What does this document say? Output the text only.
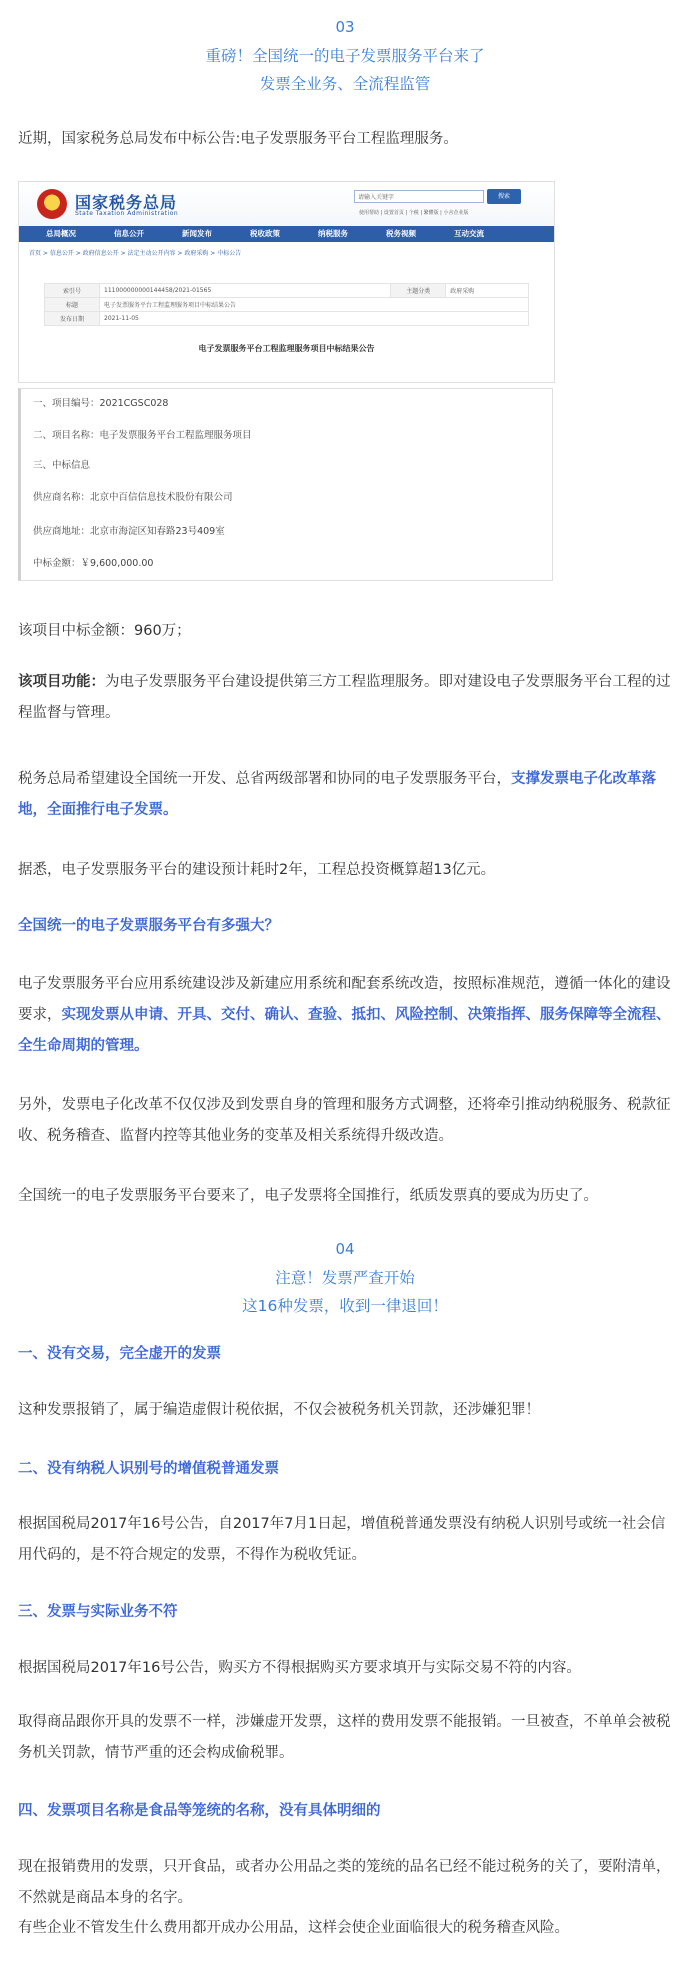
03
重磅！全国统一的电子发票服务平台来了
发票全业务、全流程监管
近期，国家税务总局发布中标公告:电子发票服务平台工程监理服务。
国家税务总局
State Taxation Administration
请输入关键字	搜索
使用帮助 | 设置首页 | 个税 | 繁體版 | 小舍企业版
总局概况	信息公开	新闻发布	税收政策	纳税服务	税务视频	互动交流
首页 > 信息公开 > 政府信息公开 > 法定主动公开内容 > 政府采购 > 中标公告
索引号	111000000000144458/2021-01565	主题分类	政府采购
标题	电子发票服务平台工程监理服务项目中标结果公告		
发布日期	2021-11-05		
电子发票服务平台工程监理服务项目中标结果公告
一、项目编号：2021CGSC028
二、项目名称：电子发票服务平台工程监理服务项目
三、中标信息
供应商名称：北京中百信信息技术股份有限公司
供应商地址：北京市海淀区知春路23号409室
中标金额：￥9,600,000.00
该项目中标金额：960万；
该项目功能：为电子发票服务平台建设提供第三方工程监理服务。即对建设电子发票服务平台工程的过程监督与管理。
税务总局希望建设全国统一开发、总省两级部署和协同的电子发票服务平台，支撑发票电子化改革落地，全面推行电子发票。
据悉，电子发票服务平台的建设预计耗时2年，工程总投资概算超13亿元。
全国统一的电子发票服务平台有多强大？
电子发票服务平台应用系统建设涉及新建应用系统和配套系统改造，按照标准规范，遵循一体化的建设要求，实现发票从申请、开具、交付、确认、查验、抵扣、风险控制、决策指挥、服务保障等全流程、全生命周期的管理。
另外，发票电子化改革不仅仅涉及到发票自身的管理和服务方式调整，还将牵引推动纳税服务、税款征收、税务稽查、监督内控等其他业务的变革及相关系统得升级改造。
全国统一的电子发票服务平台要来了，电子发票将全国推行，纸质发票真的要成为历史了。
04
注意！发票严查开始
这16种发票，收到一律退回！
一、没有交易，完全虚开的发票
这种发票报销了，属于编造虚假计税依据，不仅会被税务机关罚款，还涉嫌犯罪！
二、没有纳税人识别号的增值税普通发票
根据国税局2017年16号公告，自2017年7月1日起，增值税普通发票没有纳税人识别号或统一社会信用代码的，是不符合规定的发票，不得作为税收凭证。
三、发票与实际业务不符
根据国税局2017年16号公告，购买方不得根据购买方要求填开与实际交易不符的内容。
取得商品跟你开具的发票不一样，涉嫌虚开发票，这样的费用发票不能报销。一旦被查，不单单会被税务机关罚款，情节严重的还会构成偷税罪。
四、发票项目名称是食品等笼统的名称，没有具体明细的
现在报销费用的发票，只开食品，或者办公用品之类的笼统的品名已经不能过税务的关了，要附清单，不然就是商品本身的名字。
有些企业不管发生什么费用都开成办公用品，这样会使企业面临很大的税务稽查风险。
